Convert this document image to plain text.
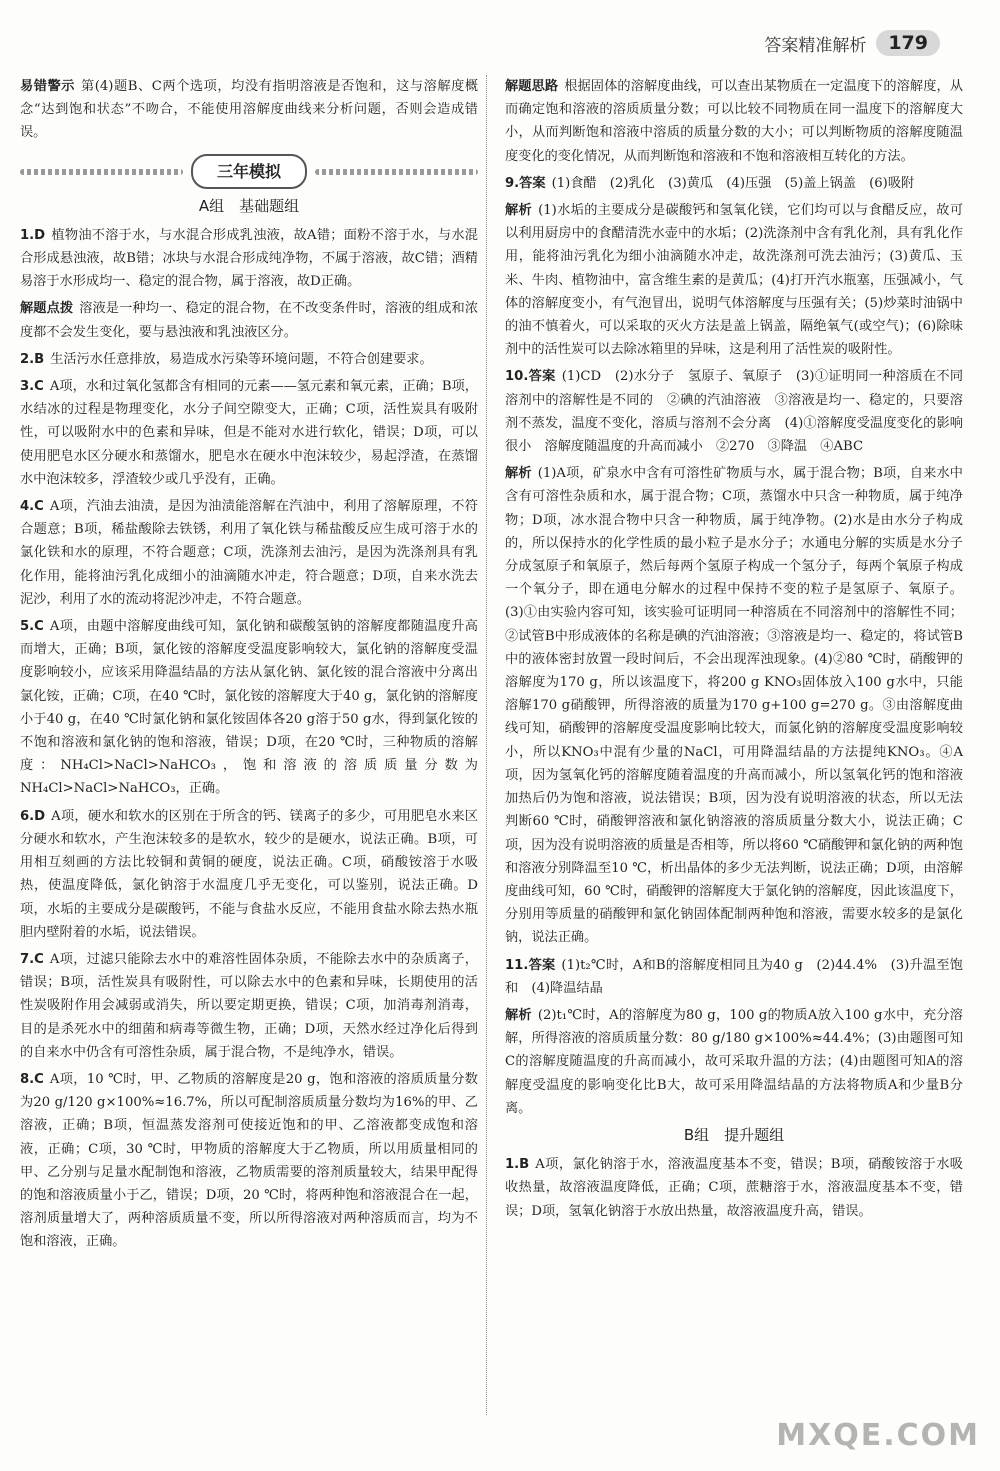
答案精准解析	179

易错警示 第(4)题B、C两个选项，均没有指明溶液是否饱和，这与溶解度概念“达到饱和状态”不吻合，不能使用溶解度曲线来分析问题，否则会造成错误。

三年模拟
A组　基础题组

1.D 植物油不溶于水，与水混合形成乳浊液，故A错；面粉不溶于水，与水混合形成悬浊液，故B错；冰块与水混合形成纯净物，不属于溶液，故C错；酒精易溶于水形成均一、稳定的混合物，属于溶液，故D正确。

解题点拨 溶液是一种均一、稳定的混合物，在不改变条件时，溶液的组成和浓度都不会发生变化，要与悬浊液和乳浊液区分。

2.B 生活污水任意排放，易造成水污染等环境问题，不符合创建要求。

3.C A项，水和过氧化氢都含有相同的元素——氢元素和氧元素，正确；B项，水结冰的过程是物理变化，水分子间空隙变大，正确；C项，活性炭具有吸附性，可以吸附水中的色素和异味，但是不能对水进行软化，错误；D项，可以使用肥皂水区分硬水和蒸馏水，肥皂水在硬水中泡沫较少，易起浮渣，在蒸馏水中泡沫较多，浮渣较少或几乎没有，正确。

4.C A项，汽油去油渍，是因为油渍能溶解在汽油中，利用了溶解原理，不符合题意；B项，稀盐酸除去铁锈，利用了氧化铁与稀盐酸反应生成可溶于水的氯化铁和水的原理，不符合题意；C项，洗涤剂去油污，是因为洗涤剂具有乳化作用，能将油污乳化成细小的油滴随水冲走，符合题意；D项，自来水洗去泥沙，利用了水的流动将泥沙冲走，不符合题意。

5.C A项，由题中溶解度曲线可知，氯化钠和碳酸氢钠的溶解度都随温度升高而增大，正确；B项，氯化铵的溶解度受温度影响较大，氯化钠的溶解度受温度影响较小，应该采用降温结晶的方法从氯化钠、氯化铵的混合溶液中分离出氯化铵，正确；C项，在40 ℃时，氯化铵的溶解度大于40 g，氯化钠的溶解度小于40 g，在40 ℃时氯化钠和氯化铵固体各20 g溶于50 g水，得到氯化铵的不饱和溶液和氯化钠的饱和溶液，错误；D项，在20 ℃时，三种物质的溶解度：NH₄Cl>NaCl>NaHCO₃，饱和溶液的溶质质量分数为NH₄Cl>NaCl>NaHCO₃，正确。

6.D A项，硬水和软水的区别在于所含的钙、镁离子的多少，可用肥皂水来区分硬水和软水，产生泡沫较多的是软水，较少的是硬水，说法正确。B项，可用相互刻画的方法比较铜和黄铜的硬度，说法正确。C项，硝酸铵溶于水吸热，使温度降低，氯化钠溶于水温度几乎无变化，可以鉴别，说法正确。D项，水垢的主要成分是碳酸钙，不能与食盐水反应，不能用食盐水除去热水瓶胆内壁附着的水垢，说法错误。

7.C A项，过滤只能除去水中的难溶性固体杂质，不能除去水中的杂质离子，错误；B项，活性炭具有吸附性，可以除去水中的色素和异味，长期使用的活性炭吸附作用会减弱或消失，所以要定期更换，错误；C项，加消毒剂消毒，目的是杀死水中的细菌和病毒等微生物，正确；D项，天然水经过净化后得到的自来水中仍含有可溶性杂质，属于混合物，不是纯净水，错误。

8.C A项，10 ℃时，甲、乙物质的溶解度是20 g，饱和溶液的溶质质量分数为20 g/120 g×100%≈16.7%，所以可配制溶质质量分数均为16%的甲、乙溶液，正确；B项，恒温蒸发溶剂可使接近饱和的甲、乙溶液都变成饱和溶液，正确；C项，30 ℃时，甲物质的溶解度大于乙物质，所以用质量相同的甲、乙分别与足量水配制饱和溶液，乙物质需要的溶剂质量较大，结果甲配得的饱和溶液质量小于乙，错误；D项，20 ℃时，将两种饱和溶液混合在一起，溶剂质量增大了，两种溶质质量不变，所以所得溶液对两种溶质而言，均为不饱和溶液，正确。

解题思路 根据固体的溶解度曲线，可以查出某物质在一定温度下的溶解度，从而确定饱和溶液的溶质质量分数；可以比较不同物质在同一温度下的溶解度大小，从而判断饱和溶液中溶质的质量分数的大小；可以判断物质的溶解度随温度变化的变化情况，从而判断饱和溶液和不饱和溶液相互转化的方法。

9.答案 (1)食醋　(2)乳化　(3)黄瓜　(4)压强　(5)盖上锅盖　(6)吸附

解析 (1)水垢的主要成分是碳酸钙和氢氧化镁，它们均可以与食醋反应，故可以利用厨房中的食醋清洗水壶中的水垢；(2)洗涤剂中含有乳化剂，具有乳化作用，能将油污乳化为细小油滴随水冲走，故洗涤剂可洗去油污；(3)黄瓜、玉米、牛肉、植物油中，富含维生素的是黄瓜；(4)打开汽水瓶塞，压强减小，气体的溶解度变小，有气泡冒出，说明气体溶解度与压强有关；(5)炒菜时油锅中的油不慎着火，可以采取的灭火方法是盖上锅盖，隔绝氧气(或空气)；(6)除味剂中的活性炭可以去除冰箱里的异味，这是利用了活性炭的吸附性。

10.答案 (1)CD　(2)水分子　氢原子、氧原子　(3)①证明同一种溶质在不同溶剂中的溶解性是不同的　②碘的汽油溶液　③溶液是均一、稳定的，只要溶剂不蒸发，温度不变化，溶质与溶剂不会分离　(4)①溶解度受温度变化的影响很小　溶解度随温度的升高而减小　②270　③降温　④ABC

解析 (1)A项，矿泉水中含有可溶性矿物质与水，属于混合物；B项，自来水中含有可溶性杂质和水，属于混合物；C项，蒸馏水中只含一种物质，属于纯净物；D项，冰水混合物中只含一种物质，属于纯净物。(2)水是由水分子构成的，所以保持水的化学性质的最小粒子是水分子；水通电分解的实质是水分子分成氢原子和氧原子，然后每两个氢原子构成一个氢分子，每两个氧原子构成一个氧分子，即在通电分解水的过程中保持不变的粒子是氢原子、氧原子。(3)①由实验内容可知，该实验可证明同一种溶质在不同溶剂中的溶解性不同；②试管B中形成液体的名称是碘的汽油溶液；③溶液是均一、稳定的，将试管B中的液体密封放置一段时间后，不会出现浑浊现象。(4)②80 ℃时，硝酸钾的溶解度为170 g，所以该温度下，将200 g KNO₃固体放入100 g水中，只能溶解170 g硝酸钾，所得溶液的质量为170 g+100 g=270 g。③由溶解度曲线可知，硝酸钾的溶解度受温度影响比较大，而氯化钠的溶解度受温度影响较小，所以KNO₃中混有少量的NaCl，可用降温结晶的方法提纯KNO₃。④A项，因为氢氧化钙的溶解度随着温度的升高而减小，所以氢氧化钙的饱和溶液加热后仍为饱和溶液，说法错误；B项，因为没有说明溶液的状态，所以无法判断60 ℃时，硝酸钾溶液和氯化钠溶液的溶质质量分数大小，说法正确；C项，因为没有说明溶液的质量是否相等，所以将60 ℃硝酸钾和氯化钠的两种饱和溶液分别降温至10 ℃，析出晶体的多少无法判断，说法正确；D项，由溶解度曲线可知，60 ℃时，硝酸钾的溶解度大于氯化钠的溶解度，因此该温度下，分别用等质量的硝酸钾和氯化钠固体配制两种饱和溶液，需要水较多的是氯化钠，说法正确。

11.答案 (1)t₂℃时，A和B的溶解度相同且为40 g　(2)44.4%　(3)升温至饱和　(4)降温结晶

解析 (2)t₁℃时，A的溶解度为80 g，100 g的物质A放入100 g水中，充分溶解，所得溶液的溶质质量分数：80 g/180 g×100%≈44.4%；(3)由题图可知C的溶解度随温度的升高而减小，故可采取升温的方法；(4)由题图可知A的溶解度受温度的影响变化比B大，故可采用降温结晶的方法将物质A和少量B分离。

B组　提升题组

1.B A项，氯化钠溶于水，溶液温度基本不变，错误；B项，硝酸铵溶于水吸收热量，故溶液温度降低，正确；C项，蔗糖溶于水，溶液温度基本不变，错误；D项，氢氧化钠溶于水放出热量，故溶液温度升高，错误。

MXQE.COM
